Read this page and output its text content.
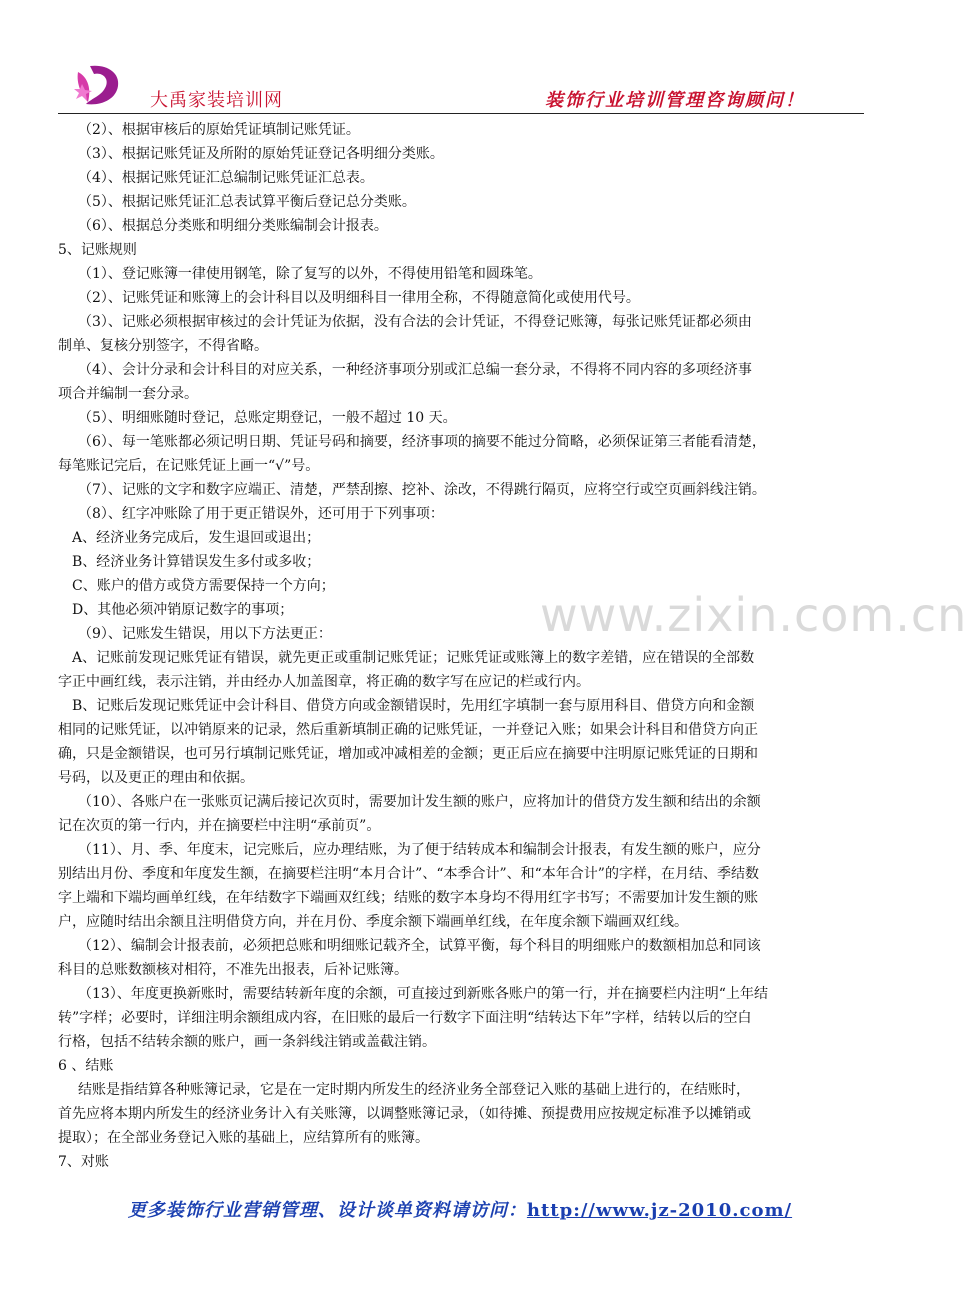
大禹家装培训网	装饰行业培训管理咨询顾问！

（2）、根据审核后的原始凭证填制记账凭证。

（3）、根据记账凭证及所附的原始凭证登记各明细分类账。

（4）、根据记账凭证汇总编制记账凭证汇总表。

（5）、根据记账凭证汇总表试算平衡后登记总分类账。

（6）、根据总分类账和明细分类账编制会计报表。

5、记账规则

（1）、登记账簿一律使用钢笔，除了复写的以外，不得使用铅笔和圆珠笔。

（2）、记账凭证和账簿上的会计科目以及明细科目一律用全称，不得随意简化或使用代号。

（3）、记账必须根据审核过的会计凭证为依据，没有合法的会计凭证，不得登记账簿，每张记账凭证都必须由

制单、复核分别签字，不得省略。

（4）、会计分录和会计科目的对应关系，一种经济事项分别或汇总编一套分录，不得将不同内容的多项经济事

项合并编制一套分录。

（5）、明细账随时登记，总账定期登记，一般不超过 10 天。

（6）、每一笔账都必须记明日期、凭证号码和摘要，经济事项的摘要不能过分简略，必须保证第三者能看清楚，

每笔账记完后，在记账凭证上画一“√”号。

（7）、记账的文字和数字应端正、清楚，严禁刮擦、挖补、涂改，不得跳行隔页，应将空行或空页画斜线注销。

（8）、红字冲账除了用于更正错误外，还可用于下列事项：

A、经济业务完成后，发生退回或退出；

B、经济业务计算错误发生多付或多收；

C、账户的借方或贷方需要保持一个方向；

D、其他必须冲销原记数字的事项；

（9）、记账发生错误，用以下方法更正：

A、记账前发现记账凭证有错误，就先更正或重制记账凭证；记账凭证或账簿上的数字差错，应在错误的全部数

字正中画红线，表示注销，并由经办人加盖图章，将正确的数字写在应记的栏或行内。

B、记账后发现记账凭证中会计科目、借贷方向或金额错误时，先用红字填制一套与原用科目、借贷方向和金额

相同的记账凭证，以冲销原来的记录，然后重新填制正确的记账凭证，一并登记入账；如果会计科目和借贷方向正

确，只是金额错误，也可另行填制记账凭证，增加或冲减相差的金额；更正后应在摘要中注明原记账凭证的日期和

号码，以及更正的理由和依据。

（10）、各账户在一张账页记满后接记次页时，需要加计发生额的账户，应将加计的借贷方发生额和结出的余额

记在次页的第一行内，并在摘要栏中注明“承前页”。

（11）、月、季、年度末，记完账后，应办理结账，为了便于结转成本和编制会计报表，有发生额的账户，应分

别结出月份、季度和年度发生额，在摘要栏注明“本月合计”、“本季合计”、和“本年合计”的字样，在月结、季结数

字上端和下端均画单红线，在年结数字下端画双红线；结账的数字本身均不得用红字书写；不需要加计发生额的账

户，应随时结出余额且注明借贷方向，并在月份、季度余额下端画单红线，在年度余额下端画双红线。

（12）、编制会计报表前，必须把总账和明细账记载齐全，试算平衡，每个科目的明细账户的数额相加总和同该

科目的总账数额核对相符，不准先出报表，后补记账簿。

（13）、年度更换新账时，需要结转新年度的余额，可直接过到新账各账户的第一行，并在摘要栏内注明“上年结

转”字样；必要时，详细注明余额组成内容，在旧账的最后一行数字下面注明“结转达下年”字样，结转以后的空白

行格，包括不结转余额的账户，画一条斜线注销或盖截注销。

6 、结账

结账是指结算各种账簿记录，它是在一定时期内所发生的经济业务全部登记入账的基础上进行的，在结账时，

首先应将本期内所发生的经济业务计入有关账簿，以调整账簿记录，（如待摊、预提费用应按规定标准予以摊销或

提取）；在全部业务登记入账的基础上，应结算所有的账簿。

7、对账

www.zixin.com.cn
更多装饰行业营销管理、设计谈单资料请访问：http://www.jz-2010.com/
